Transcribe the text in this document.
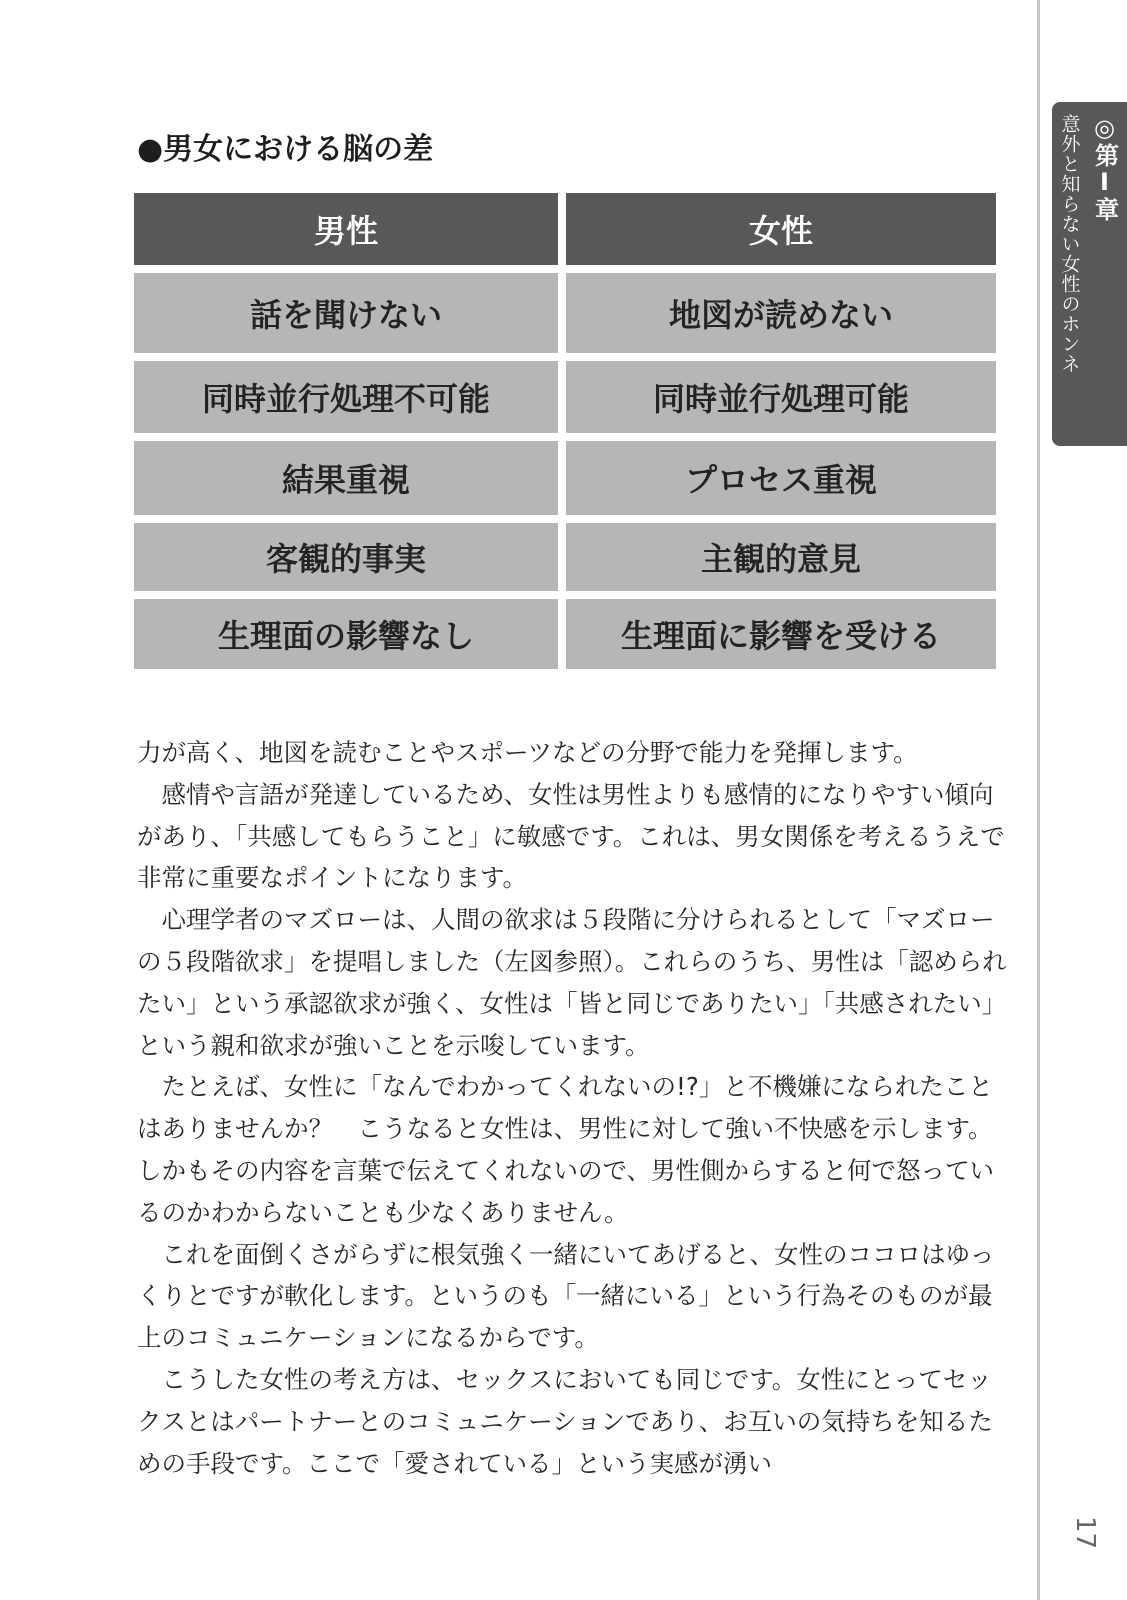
◎第Ⅰ章
意外と知らない女性のホンネ
17
●男女における脳の差
男性	女性
話を聞けない	地図が読めない
同時並行処理不可能	同時並行処理可能
結果重視	プロセス重視
客観的事実	主観的意見
生理面の影響なし	生理面に影響を受ける

力が高く、地図を読むことやスポーツなどの分野で能力を発揮します。

感情や言語が発達しているため、女性は男性よりも感情的になりやすい傾向があり、「共感してもらうこと」に敏感です。これは、男女関係を考えるうえで非常に重要なポイントになります。

心理学者のマズローは、人間の欲求は５段階に分けられるとして「マズローの５段階欲求」を提唱しました（左図参照）。これらのうち、男性は「認められたい」という承認欲求が強く、女性は「皆と同じでありたい」「共感されたい」という親和欲求が強いことを示唆しています。

たとえば、女性に「なんでわかってくれないの!?」と不機嫌になられたことはありませんか？　こうなると女性は、男性に対して強い不快感を示します。しかもその内容を言葉で伝えてくれないので、男性側からすると何で怒っているのかわからないことも少なくありません。

これを面倒くさがらずに根気強く一緒にいてあげると、女性のココロはゆっくりとですが軟化します。というのも「一緒にいる」という行為そのものが最上のコミュニケーションになるからです。

こうした女性の考え方は、セックスにおいても同じです。女性にとってセックスとはパートナーとのコミュニケーションであり、お互いの気持ちを知るための手段です。ここで「愛されている」という実感が湧い
